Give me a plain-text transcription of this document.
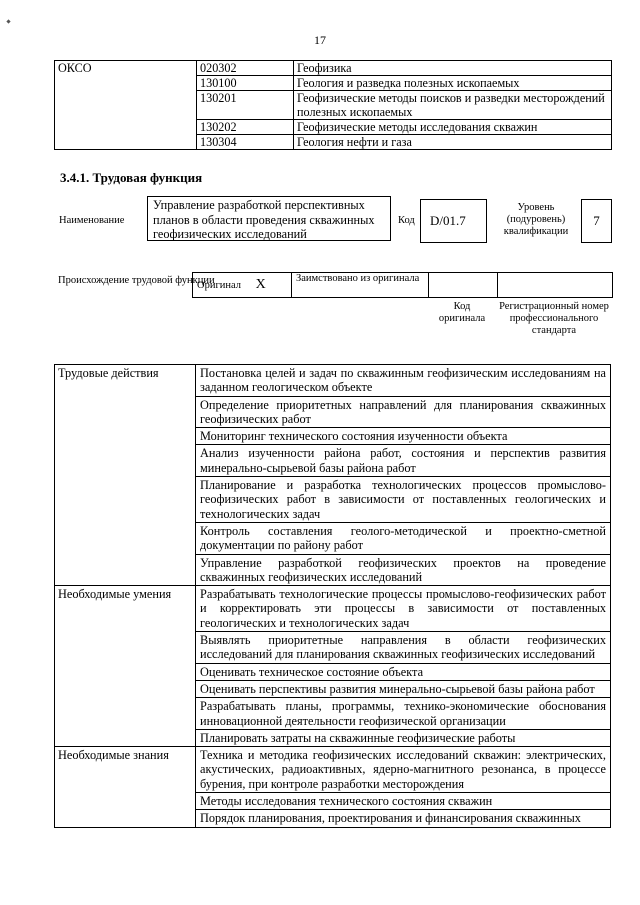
17
ОКСО	020302	Геофизика
	130100	Геология и разведка полезных ископаемых
	130201	Геофизические методы поисков и разведки месторождений полезных ископаемых
	130202	Геофизические методы исследования скважин
	130304	Геология нефти и газа
3.4.1. Трудовая функция
Наименование
Управление разработкой перспективных планов в области проведения скважинных геофизических исследований
Код	D/01.7
Уровень (подуровень) квалификации
7
Происхождение трудовой функции
Оригинал X	Заимствовано из оригинала		
Код оригинала
Регистрационный номер профессионального стандарта
Трудовые действия	Постановка целей и задач по скважинным геофизическим исследованиям на заданном геологическом объекте
	Определение приоритетных направлений для планирования скважинных геофизических работ
	Мониторинг технического состояния изученности объекта
	Анализ изученности района работ, состояния и перспектив развития минерально-сырьевой базы района работ
	Планирование и разработка технологических процессов промыслово-геофизических работ в зависимости от поставленных геологических и технологических задач
	Контроль составления геолого-методической и проектно-сметной документации по району работ
	Управление разработкой геофизических проектов на проведение скважинных геофизических исследований
Необходимые умения	Разрабатывать технологические процессы промыслово-геофизических работ и корректировать эти процессы в зависимости от поставленных геологических и технологических задач
	Выявлять приоритетные направления в области геофизических исследований для планирования скважинных геофизических исследований
	Оценивать техническое состояние объекта
	Оценивать перспективы развития минерально-сырьевой базы района работ
	Разрабатывать планы, программы, технико-экономические обоснования инновационной деятельности геофизической организации
	Планировать затраты на скважинные геофизические работы
Необходимые знания	Техника и методика геофизических исследований скважин: электрических, акустических, радиоактивных, ядерно-магнитного резонанса, в процессе бурения, при контроле разработки месторождения
	Методы исследования технического состояния скважин
	Порядок планирования, проектирования и финансирования скважинных
